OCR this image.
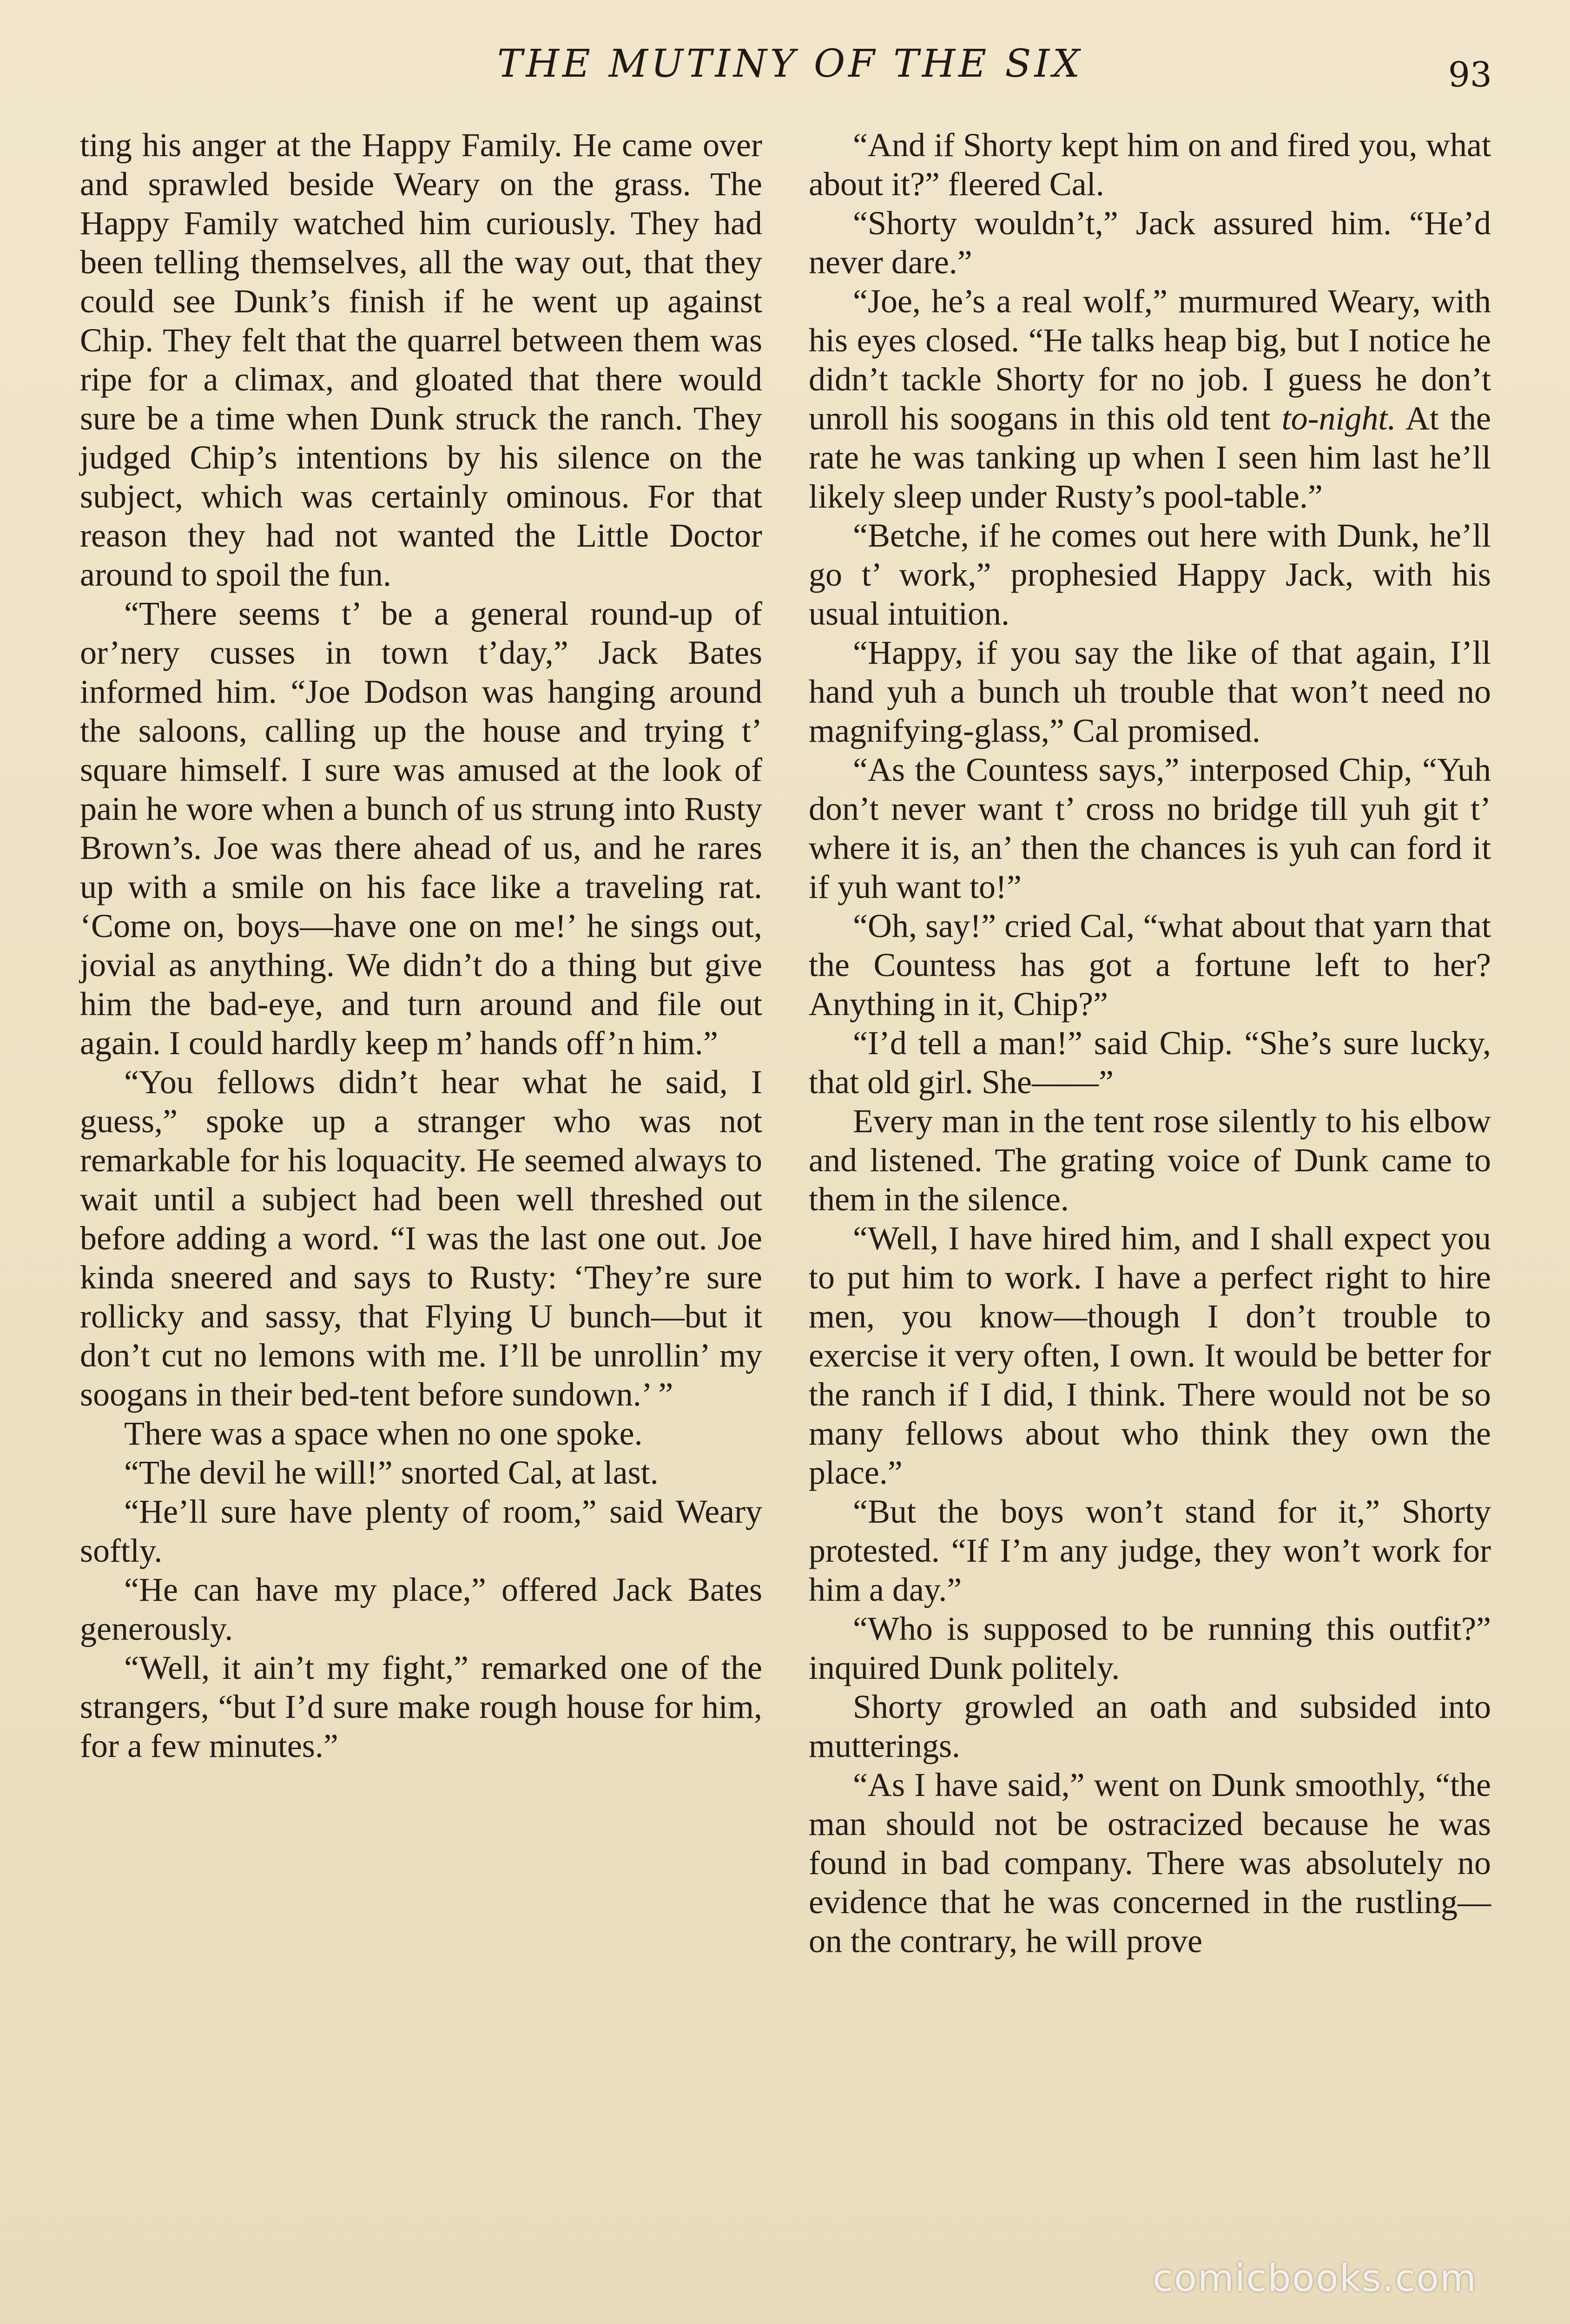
THE MUTINY OF THE SIX	93

ting his anger at the Happy Family. He came over and sprawled beside Weary on the grass. The Happy Family watched him curiously. They had been telling themselves, all the way out, that they could see Dunk’s finish if he went up against Chip. They felt that the quarrel between them was ripe for a climax, and gloated that there would sure be a time when Dunk struck the ranch. They judged Chip’s intentions by his silence on the subject, which was certainly ominous. For that reason they had not wanted the Little Doctor around to spoil the fun.

“There seems t’ be a general round-up of or’nery cusses in town t’day,” Jack Bates informed him. “Joe Dodson was hanging around the saloons, calling up the house and trying t’ square himself. I sure was amused at the look of pain he wore when a bunch of us strung into Rusty Brown’s. Joe was there ahead of us, and he rares up with a smile on his face like a traveling rat. ‘Come on, boys—have one on me!’ he sings out, jovial as anything. We didn’t do a thing but give him the bad-eye, and turn around and file out again. I could hardly keep m’ hands off’n him.”

“You fellows didn’t hear what he said, I guess,” spoke up a stranger who was not remarkable for his loquacity. He seemed always to wait until a subject had been well threshed out before adding a word. “I was the last one out. Joe kinda sneered and says to Rusty: ‘They’re sure rollicky and sassy, that Flying U bunch—but it don’t cut no lemons with me. I’ll be unrollin’ my soogans in their bed-tent before sundown.’ ”

There was a space when no one spoke.

“The devil he will!” snorted Cal, at last.

“He’ll sure have plenty of room,” said Weary softly.

“He can have my place,” offered Jack Bates generously.

“Well, it ain’t my fight,” remarked one of the strangers, “but I’d sure make rough house for him, for a few minutes.”

“And if Shorty kept him on and fired you, what about it?” fleered Cal.

“Shorty wouldn’t,” Jack assured him. “He’d never dare.”

“Joe, he’s a real wolf,” murmured Weary, with his eyes closed. “He talks heap big, but I notice he didn’t tackle Shorty for no job. I guess he don’t unroll his soogans in this old tent to-night. At the rate he was tanking up when I seen him last he’ll likely sleep under Rusty’s pool-table.”

“Betche, if he comes out here with Dunk, he’ll go t’ work,” prophesied Happy Jack, with his usual intuition.

“Happy, if you say the like of that again, I’ll hand yuh a bunch uh trouble that won’t need no magnifying-glass,” Cal promised.

“As the Countess says,” interposed Chip, “Yuh don’t never want t’ cross no bridge till yuh git t’ where it is, an’ then the chances is yuh can ford it if yuh want to!”

“Oh, say!” cried Cal, “what about that yarn that the Countess has got a fortune left to her? Anything in it, Chip?”

“I’d tell a man!” said Chip. “She’s sure lucky, that old girl. She——”

Every man in the tent rose silently to his elbow and listened. The grating voice of Dunk came to them in the silence.

“Well, I have hired him, and I shall expect you to put him to work. I have a perfect right to hire men, you know—though I don’t trouble to exercise it very often, I own. It would be better for the ranch if I did, I think. There would not be so many fellows about who think they own the place.”

“But the boys won’t stand for it,” Shorty protested. “If I’m any judge, they won’t work for him a day.”

“Who is supposed to be running this outfit?” inquired Dunk politely.

Shorty growled an oath and subsided into mutterings.

“As I have said,” went on Dunk smoothly, “the man should not be ostracized because he was found in bad company. There was absolutely no evidence that he was concerned in the rustling—on the contrary, he will prove

comicbooks.com
